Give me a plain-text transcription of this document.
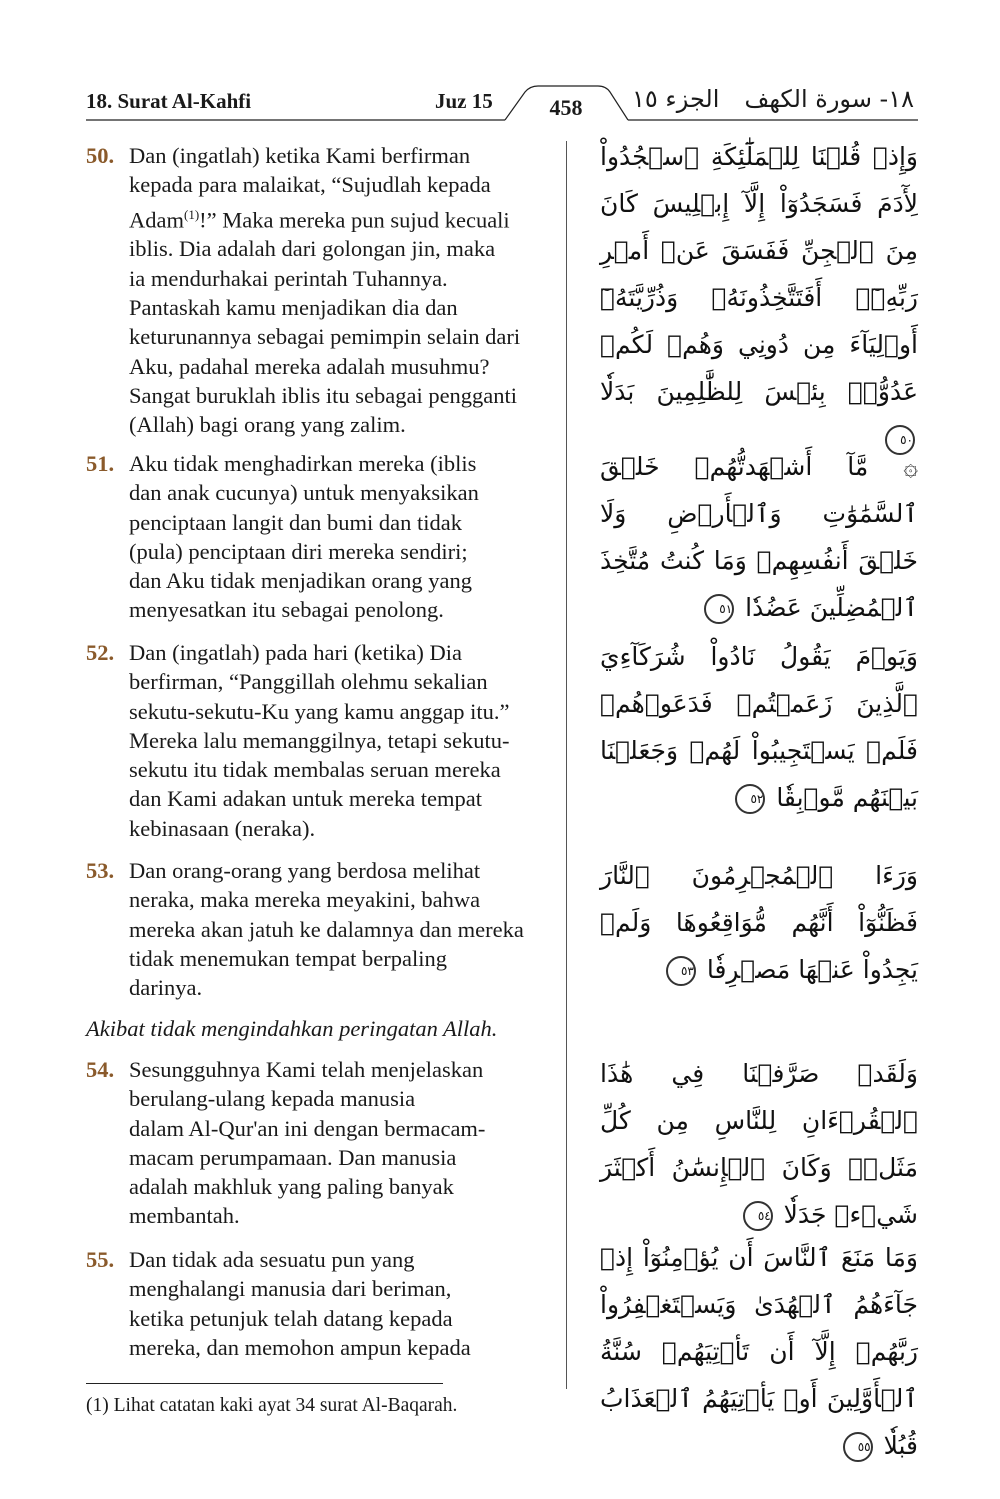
18. Surat Al-Kahfi	Juz 15	458	الجزء ١٥ ١٨- سورة الكهف
50. Dan (ingatlah) ketika Kami berfirman
kepada para malaikat, “Sujudlah kepada
Adam$^{(1)}$!” Maka mereka pun sujud kecuali
iblis. Dia adalah dari golongan jin, maka
ia mendurhakai perintah Tuhannya.
Pantaskah kamu menjadikan dia dan
keturunannya sebagai pemimpin selain dari
Aku, padahal mereka adalah musuhmu?
Sangat buruklah iblis itu sebagai pengganti
(Allah) bagi orang yang zalim.
وَإِذۡ قُلۡنَا لِلۡمَلَٰٓئِكَةِ ٱسۡجُدُواْ لِأٓدَمَ فَسَجَدُوٓاْ إِلَّآ إِبۡلِيسَ كَانَ مِنَ ٱلۡجِنِّ فَفَسَقَ عَنۡ أَمۡرِ رَبِّهِۦٓۗ أَفَتَتَّخِذُونَهُۥ وَذُرِّيَّتَهُۥٓ أَوۡلِيَآءَ مِن دُونِي وَهُمۡ لَكُمۡ عَدُوُّۢۚ بِئۡسَ لِلظَّٰلِمِينَ بَدَلٗا ٥٠
51. Aku tidak menghadirkan mereka (iblis
dan anak cucunya) untuk menyaksikan
penciptaan langit dan bumi dan tidak
(pula) penciptaan diri mereka sendiri;
dan Aku tidak menjadikan orang yang
menyesatkan itu sebagai penolong.
۞ مَّآ أَشۡهَدتُّهُمۡ خَلۡقَ ٱلسَّمَٰوَٰتِ وَٱلۡأَرۡضِ وَلَا خَلۡقَ أَنفُسِهِمۡ وَمَا كُنتُ مُتَّخِذَ ٱلۡمُضِلِّينَ عَضُدٗا ٥١
52. Dan (ingatlah) pada hari (ketika) Dia
berfirman, “Panggillah olehmu sekalian
sekutu-sekutu-Ku yang kamu anggap itu.”
Mereka lalu memanggilnya, tetapi sekutu-
sekutu itu tidak membalas seruan mereka
dan Kami adakan untuk mereka tempat
kebinasaan (neraka).
وَيَوۡمَ يَقُولُ نَادُواْ شُرَكَآءِيَ ٱلَّذِينَ زَعَمۡتُمۡ فَدَعَوۡهُمۡ فَلَمۡ يَسۡتَجِيبُواْ لَهُمۡ وَجَعَلۡنَا بَيۡنَهُم مَّوۡبِقٗا ٥٢
53. Dan orang-orang yang berdosa melihat
neraka, maka mereka meyakini, bahwa
mereka akan jatuh ke dalamnya dan mereka
tidak menemukan tempat berpaling
darinya.
وَرَءَا ٱلۡمُجۡرِمُونَ ٱلنَّارَ فَظَنُّوٓاْ أَنَّهُم مُّوَاقِعُوهَا وَلَمۡ يَجِدُواْ عَنۡهَا مَصۡرِفٗا ٥٣
Akibat tidak mengindahkan peringatan Allah.
54. Sesungguhnya Kami telah menjelaskan
berulang-ulang kepada manusia
dalam Al-Qur'an ini dengan bermacam-
macam perumpamaan. Dan manusia
adalah makhluk yang paling banyak
membantah.
وَلَقَدۡ صَرَّفۡنَا فِي هَٰذَا ٱلۡقُرۡءَانِ لِلنَّاسِ مِن كُلِّ مَثَلٖۚ وَكَانَ ٱلۡإِنسَٰنُ أَكۡثَرَ شَيۡءٖ جَدَلٗا ٥٤
55. Dan tidak ada sesuatu pun yang
menghalangi manusia dari beriman,
ketika petunjuk telah datang kepada
mereka, dan memohon ampun kepada
وَمَا مَنَعَ ٱلنَّاسَ أَن يُؤۡمِنُوٓاْ إِذۡ جَآءَهُمُ ٱلۡهُدَىٰ وَيَسۡتَغۡفِرُواْ رَبَّهُمۡ إِلَّآ أَن تَأۡتِيَهُمۡ سُنَّةُ ٱلۡأَوَّلِينَ أَوۡ يَأۡتِيَهُمُ ٱلۡعَذَابُ قُبُلٗا ٥٥
(1) Lihat catatan kaki ayat 34 surat Al-Baqarah.
